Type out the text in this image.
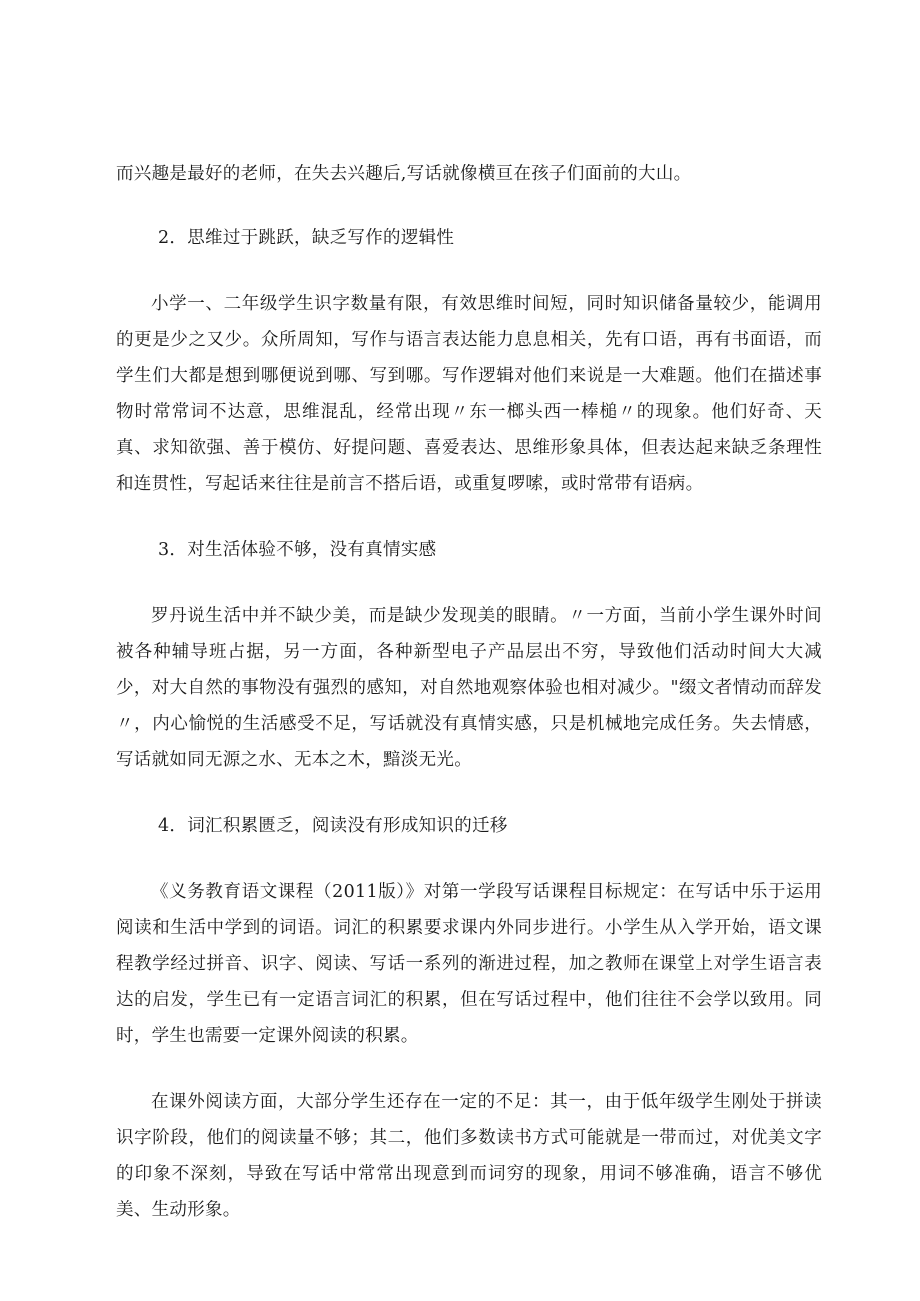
而兴趣是最好的老师，在失去兴趣后,写话就像横亘在孩子们面前的大山。

2．思维过于跳跃，缺乏写作的逻辑性

小学一、二年级学生识字数量有限，有效思维时间短，同时知识储备量较少，能调用的更是少之又少。众所周知，写作与语言表达能力息息相关，先有口语，再有书面语，而学生们大都是想到哪便说到哪、写到哪。写作逻辑对他们来说是一大难题。他们在描述事物时常常词不达意，思维混乱，经常出现〃东一榔头西一棒槌〃的现象。他们好奇、天真、求知欲强、善于模仿、好提问题、喜爱表达、思维形象具体，但表达起来缺乏条理性和连贯性，写起话来往往是前言不搭后语，或重复啰嗦，或时常带有语病。

3．对生活体验不够，没有真情实感

罗丹说生活中并不缺少美，而是缺少发现美的眼睛。〃一方面，当前小学生课外时间被各种辅导班占据，另一方面，各种新型电子产品层出不穷，导致他们活动时间大大减少，对大自然的事物没有强烈的感知，对自然地观察体验也相对减少。"缀文者情动而辞发〃，内心愉悦的生活感受不足，写话就没有真情实感，只是机械地完成任务。失去情感，写话就如同无源之水、无本之木，黯淡无光。

4．词汇积累匮乏，阅读没有形成知识的迁移

《义务教育语文课程（2011版）》对第一学段写话课程目标规定：在写话中乐于运用阅读和生活中学到的词语。词汇的积累要求课内外同步进行。小学生从入学开始，语文课程教学经过拼音、识字、阅读、写话一系列的渐进过程，加之教师在课堂上对学生语言表达的启发，学生已有一定语言词汇的积累，但在写话过程中，他们往往不会学以致用。同时，学生也需要一定课外阅读的积累。

在课外阅读方面，大部分学生还存在一定的不足：其一，由于低年级学生刚处于拼读识字阶段，他们的阅读量不够；其二，他们多数读书方式可能就是一带而过，对优美文字的印象不深刻，导致在写话中常常出现意到而词穷的现象，用词不够准确，语言不够优美、生动形象。
